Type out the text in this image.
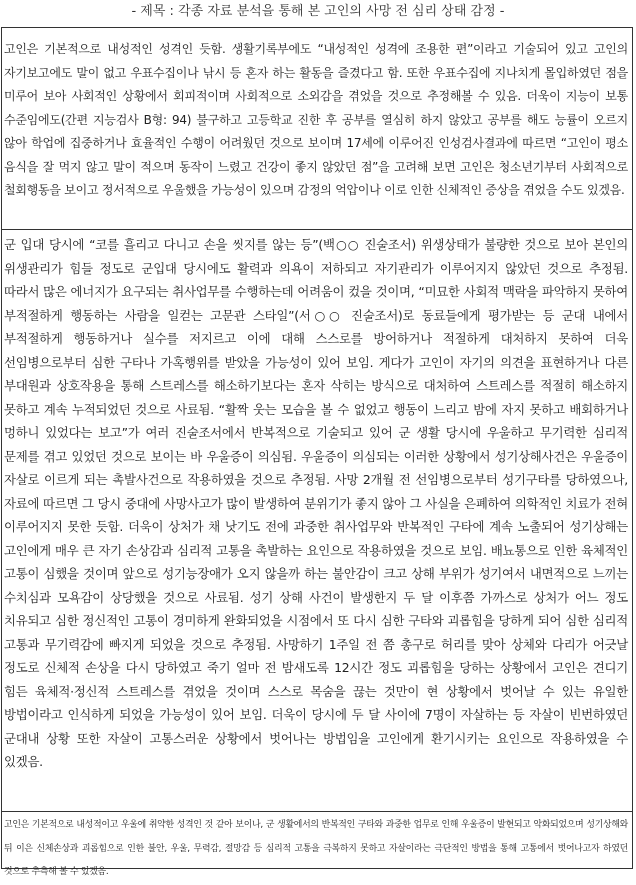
- 제목 : 각종 자료 분석을 통해 본 고인의 사망 전 심리 상태 감정 -

고인은 기본적으로 내성적인 성격인 듯함. 생활기록부에도 “내성적인 성격에 조용한 편”이라고 기술되어 있고 고인의 자기보고에도 말이 없고 우표수집이나 낚시 등 혼자 하는 활동을 즐겼다고 함. 또한 우표수집에 지나치게 몰입하였던 점을 미루어 보아 사회적인 상황에서 회피적이며 사회적으로 소외감을 겪었을 것으로 추정해볼 수 있음. 더욱이 지능이 보통 수준임에도(간편 지능검사 B형: 94) 불구하고 고등학교 진한 후 공부를 열심히 하지 않았고 공부를 해도 능률이 오르지 않아 학업에 집중하거나 효율적인 수행이 어려웠던 것으로 보이며 17세에 이루어진 인성검사결과에 따르면 “고인이 평소 음식을 잘 먹지 않고 말이 적으며 동작이 느렸고 건강이 좋지 않았던 점”을 고려해 보면 고인은 청소년기부터 사회적으로 철회행동을 보이고 정서적으로 우울했을 가능성이 있으며 감정의 억압이나 이로 인한 신체적인 증상을 겪었을 수도 있겠음.

군 입대 당시에 “코를 흘리고 다니고 손을 씻지를 않는 등”(백○○ 진술조서) 위생상태가 불량한 것으로 보아 본인의 위생관리가 힘들 정도로 군입대 당시에도 활력과 의욕이 저하되고 자기관리가 이루어지지 않았던 것으로 추정됨. 따라서 많은 에너지가 요구되는 취사업무를 수행하는데 어려움이 컸을 것이며, “미묘한 사회적 맥락을 파악하지 못하여 부적절하게 행동하는 사람을 일컫는 고문관 스타일”(서○○ 진술조서)로 동료들에게 평가받는 등 군대 내에서 부적절하게 행동하거나 실수를 저지르고 이에 대해 스스로를 방어하거나 적절하게 대처하지 못하여 더욱 선임병으로부터 심한 구타나 가혹행위를 받았을 가능성이 있어 보임. 게다가 고인이 자기의 의견을 표현하거나 다른 부대원과 상호작용을 통해 스트레스를 해소하기보다는 혼자 삭히는 방식으로 대처하여 스트레스를 적절히 해소하지 못하고 계속 누적되었던 것으로 사료됨. “활짝 웃는 모습을 볼 수 없었고 행동이 느리고 밤에 자지 못하고 배회하거나 멍하니 있었다는 보고”가 여러 진술조서에서 반복적으로 기술되고 있어 군 생활 당시에 우울하고 무기력한 심리적 문제를 겪고 있었던 것으로 보이는 바 우울증이 의심됨. 우울증이 의심되는 이러한 상황에서 성기상해사건은 우울증이 자살로 이르게 되는 촉발사건으로 작용하였을 것으로 추정됨. 사망 2개월 전 선임병으로부터 성기구타를 당하였으나, 자료에 따르면 그 당시 중대에 사망사고가 많이 발생하여 분위기가 좋지 않아 그 사실을 은폐하여 의학적인 치료가 전혀 이루어지지 못한 듯함. 더욱이 상처가 채 낫기도 전에 과중한 취사업무와 반복적인 구타에 계속 노출되어 성기상해는 고인에게 매우 큰 자기 손상감과 심리적 고통을 촉발하는 요인으로 작용하였을 것으로 보임. 배뇨통으로 인한 육체적인 고통이 심했을 것이며 앞으로 성기능장애가 오지 않을까 하는 불안감이 크고 상해 부위가 성기여서 내면적으로 느끼는 수치심과 모욕감이 상당했을 것으로 사료됨. 성기 상해 사건이 발생한지 두 달 이후쯤 가까스로 상처가 어느 정도 치유되고 심한 정신적인 고통이 경미하게 완화되었을 시점에서 또 다시 심한 구타와 괴롭힘을 당하게 되어 심한 심리적 고통과 무기력감에 빠지게 되었을 것으로 추정됨. 사망하기 1주일 전 쯤 총구로 허리를 맞아 상체와 다리가 어긋날 정도로 신체적 손상을 다시 당하였고 죽기 얼마 전 밤새도록 12시간 정도 괴롭힘을 당하는 상황에서 고인은 견디기 힘든 육체적·정신적 스트레스를 겪었을 것이며 스스로 목숨을 끊는 것만이 현 상황에서 벗어날 수 있는 유일한 방법이라고 인식하게 되었을 가능성이 있어 보임. 더욱이 당시에 두 달 사이에 7명이 자살하는 등 자살이 빈번하였던 군대내 상황 또한 자살이 고통스러운 상황에서 벗어나는 방법임을 고인에게 환기시키는 요인으로 작용하였을 수 있겠음.

고인은 기본적으로 내성적이고 우울에 취약한 성격인 것 같아 보이나, 군 생활에서의 반복적인 구타와 과중한 업무로 인해 우울증이 발현되고 악화되었으며 성기상해와 뒤 이은 신체손상과 괴롭힘으로 인한 불안, 우울, 무력감, 절망감 등 심리적 고통을 극복하지 못하고 자살이라는 극단적인 방법을 통해 고통에서 벗어나고자 하였던 것으로 추측해 볼 수 있겠음.
